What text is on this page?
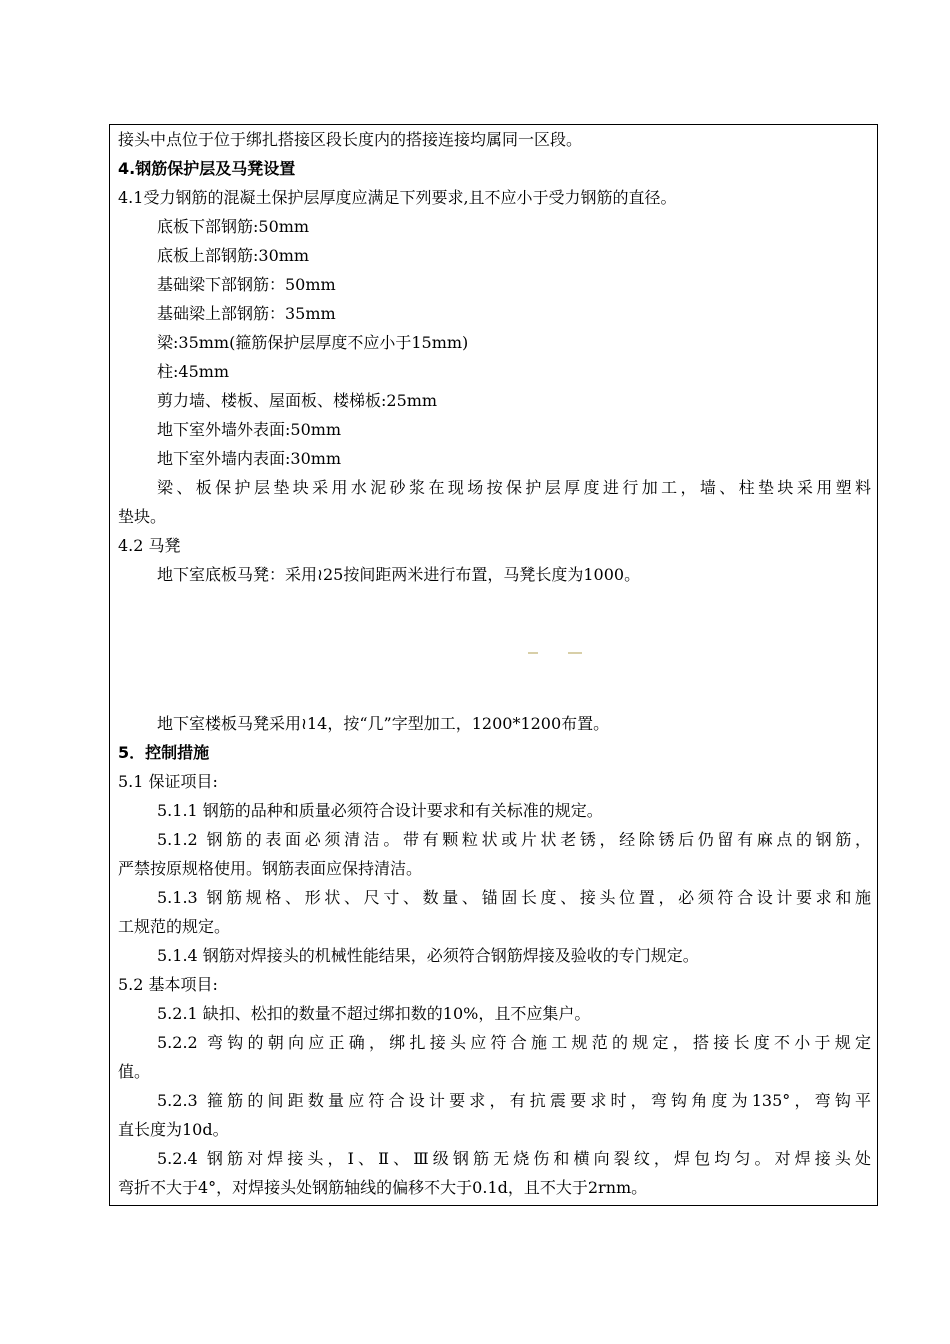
接头中点位于位于绑扎搭接区段长度内的搭接连接均属同一区段。
4.钢筋保护层及马凳设置
4.1受力钢筋的混凝土保护层厚度应满足下列要求,且不应小于受力钢筋的直径。
底板下部钢筋:50mm
底板上部钢筋:30mm
基础梁下部钢筋：50mm
基础梁上部钢筋：35mm
梁:35mm(箍筋保护层厚度不应小于15mm)
柱:45mm
剪力墙、楼板、屋面板、楼梯板:25mm
地下室外墙外表面:50mm
地下室外墙内表面:30mm
梁、板保护层垫块采用水泥砂浆在现场按保护层厚度进行加工，墙、柱垫块采用塑料
垫块。
4.2 马凳
地下室底板马凳：采用≀25按间距两米进行布置，马凳长度为1000。
地下室楼板马凳采用≀14，按“几”字型加工，1200*1200布置。
5．控制措施
5.1 保证项目:
5.1.1 钢筋的品种和质量必须符合设计要求和有关标准的规定。
5.1.2 钢筋的表面必须清洁。带有颗粒状或片状老锈，经除锈后仍留有麻点的钢筋，
严禁按原规格使用。钢筋表面应保持清洁。
5.1.3 钢筋规格、形状、尺寸、数量、锚固长度、接头位置，必须符合设计要求和施
工规范的规定。
5.1.4 钢筋对焊接头的机械性能结果，必须符合钢筋焊接及验收的专门规定。
5.2 基本项目:
5.2.1 缺扣、松扣的数量不超过绑扣数的10%，且不应集户。
5.2.2 弯钩的朝向应正确，绑扎接头应符合施工规范的规定，搭接长度不小于规定
值。
5.2.3 箍筋的间距数量应符合设计要求，有抗震要求时，弯钩角度为135°，弯钩平
直长度为10d。
5.2.4 钢筋对焊接头，Ⅰ、Ⅱ、Ⅲ级钢筋无烧伤和横向裂纹，焊包均匀。对焊接头处
弯折不大于4°，对焊接头处钢筋轴线的偏移不大于0.1d，且不大于2rnm。
